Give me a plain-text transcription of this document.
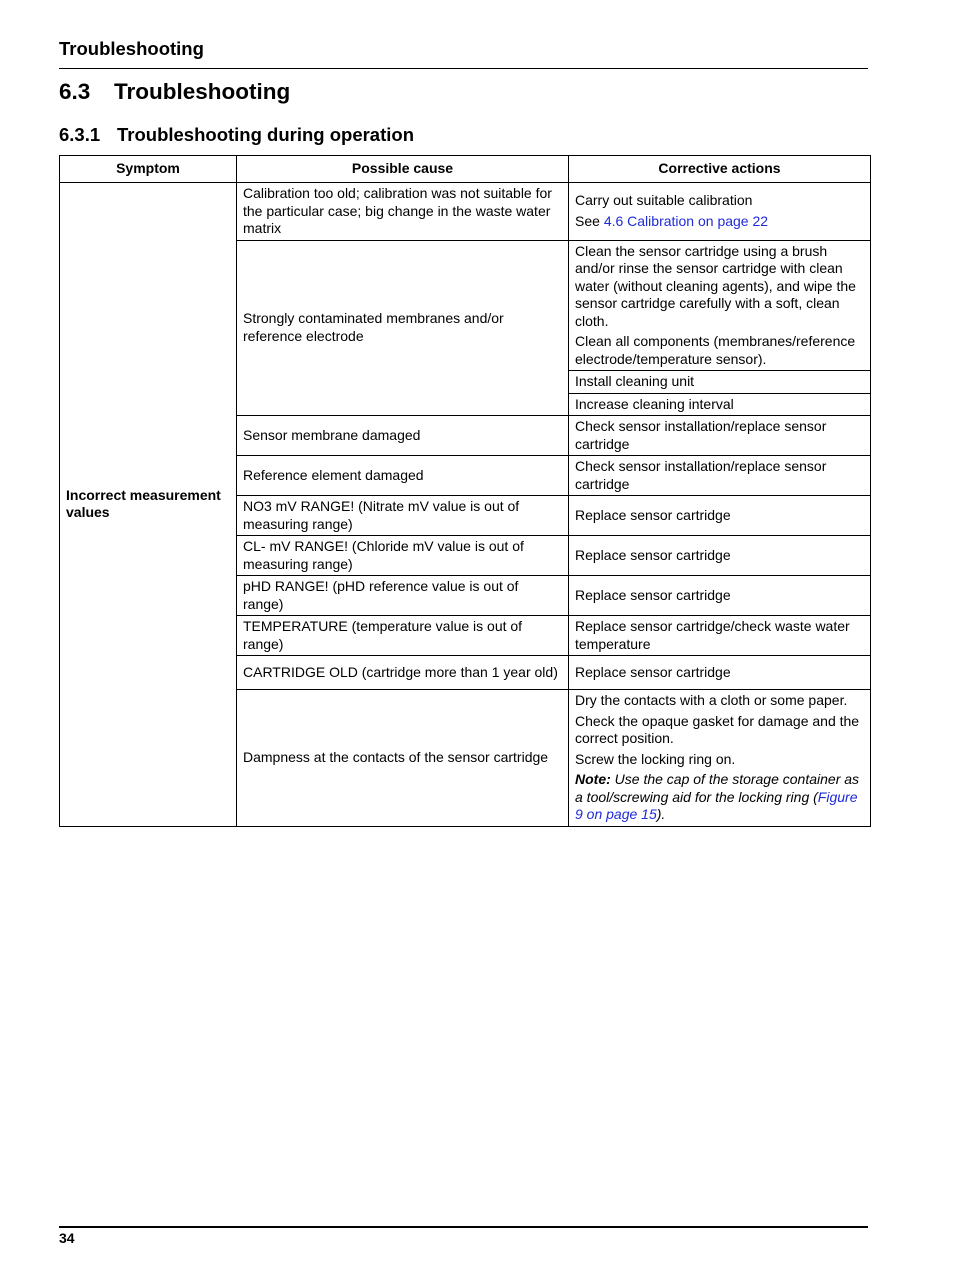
Troubleshooting
6.3 Troubleshooting
6.3.1 Troubleshooting during operation
Symptom	Possible cause	Corrective actions
Incorrect measurement values	Calibration too old; calibration was not suitable for the particular case; big change in the waste water matrix	Carry out suitable calibration

See 4.6 Calibration on page 22

	Strongly contaminated membranes and/or reference electrode	Clean the sensor cartridge using a brush and/or rinse the sensor cartridge with clean water (without cleaning agents), and wipe the sensor cartridge carefully with a soft, clean cloth.

Clean all components (membranes/reference electrode/temperature sensor).

		Install cleaning unit
		Increase cleaning interval
	Sensor membrane damaged	Check sensor installation/replace sensor cartridge
	Reference element damaged	Check sensor installation/replace sensor cartridge
	NO3 mV RANGE! (Nitrate mV value is out of measuring range)	Replace sensor cartridge
	CL- mV RANGE! (Chloride mV value is out of measuring range)	Replace sensor cartridge
	pHD RANGE! (pHD reference value is out of range)	Replace sensor cartridge
	TEMPERATURE (temperature value is out of range)	Replace sensor cartridge/check waste water temperature
	CARTRIDGE OLD (cartridge more than 1 year old)	Replace sensor cartridge
	Dampness at the contacts of the sensor cartridge	Dry the contacts with a cloth or some paper.

Check the opaque gasket for damage and the correct position.

Screw the locking ring on.

Note: Use the cap of the storage container as a tool/screwing aid for the locking ring (Figure 9 on page 15).

34
